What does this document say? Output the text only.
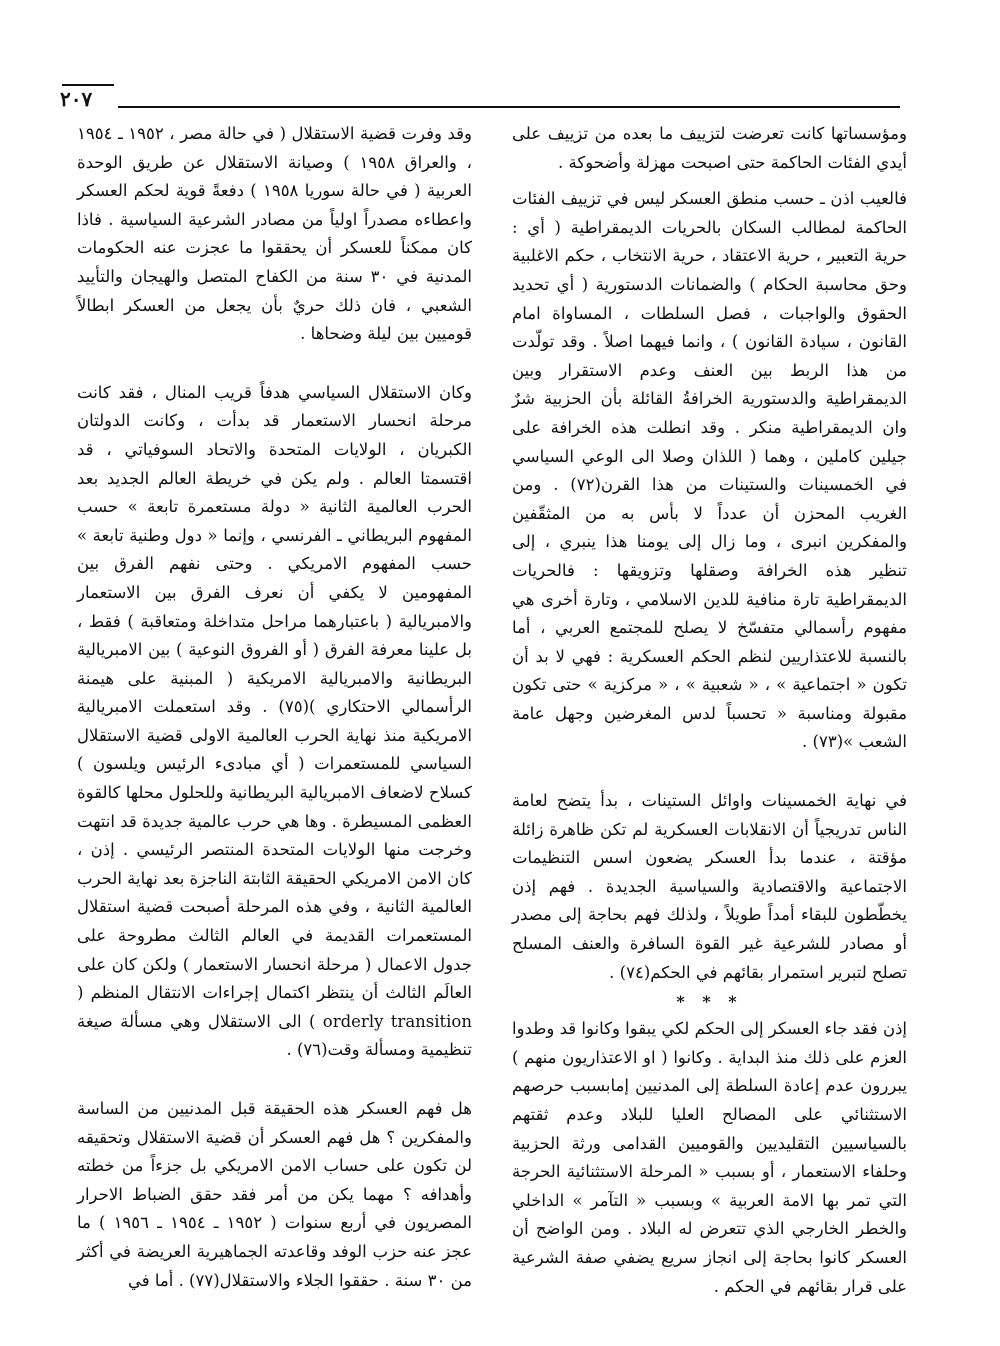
٢٠٧

ومؤسساتها كانت تعرضت لتزييف ما بعده من تزييف على أيدي الفئات الحاكمة حتى اصبحت مهزلة وأضحوكة .

فالعيب اذن ـ حسب منطق العسكر ليس في تزييف الفئات الحاكمة لمطالب السكان بالحريات الديمقراطية ( أي : حرية التعبير ، حرية الاعتقاد ، حرية الانتخاب ، حكم الاغلبية وحق محاسبة الحكام ) والضمانات الدستورية ( أي تحديد الحقوق والواجبات ، فصل السلطات ، المساواة امام القانون ، سيادة القانون ) ، وانما فيهما اصلاً . وقد تولّدت من هذا الربط بين العنف وعدم الاستقرار وبين الديمقراطية والدستورية الخرافةُ القائلة بأن الحزبية شرٌ وان الديمقراطية منكر . وقد انطلت هذه الخرافة على جيلين كاملين ، وهما ( اللذان وصلا الى الوعي السياسي في الخمسينات والستينات من هذا القرن(٧٢) . ومن الغريب المحزن أن عدداً لا بأس به من المثقّفين والمفكرين انبرى ، وما زال إلى يومنا هذا ينبري ، إلى تنظير هذه الخرافة وصقلها وتزويقها : فالحريات الديمقراطية تارة منافية للدين الاسلامي ، وتارة أخرى هي مفهوم رأسمالي متفسّخ لا يصلح للمجتمع العربي ، أما بالنسبة للاعتذاريين لنظم الحكم العسكرية : فهي لا بد أن تكون « اجتماعية » ، « شعبية » ، « مركزية » حتى تكون مقبولة ومناسبة « تحسباً لدس المغرضين وجهل عامة الشعب »(٧٣) .

في نهاية الخمسينات واوائل الستينات ، بدأ يتضح لعامة الناس تدريجياً أن الانقلابات العسكرية لم تكن ظاهرة زائلة مؤقتة ، عندما بدأ العسكر يضعون اسس التنظيمات الاجتماعية والاقتصادية والسياسية الجديدة . فهم إذن يخطّطون للبقاء أمداً طويلاً ، ولذلك فهم بحاجة إلى مصدر أو مصادر للشرعية غير القوة السافرة والعنف المسلح تصلح لتبرير استمرار بقائهم في الحكم(٧٤) .

* * *

إذن فقد جاء العسكر إلى الحكم لكي يبقوا وكانوا قد وطدوا العزم على ذلك منذ البداية . وكانوا ( او الاعتذاريون منهم ) يبررون عدم إعادة السلطة إلى المدنيين إمابسبب حرصهم الاستثنائي على المصالح العليا للبلاد وعدم ثقتهم بالسياسيين التقليديين والقوميين القدامى ورثة الحزبية وحلفاء الاستعمار ، أو بسبب « المرحلة الاستثنائية الحرجة التي تمر بها الامة العربية » وبسبب « التآمر » الداخلي والخطر الخارجي الذي تتعرض له البلاد . ومن الواضح أن العسكر كانوا بحاجة إلى انجاز سريع يضفي صفة الشرعية على قرار بقائهم في الحكم .

وقد وفرت قضية الاستقلال ( في حالة مصر ، ١٩٥٢ ـ ١٩٥٤ ، والعراق ١٩٥٨ ) وصيانة الاستقلال عن طريق الوحدة العربية ( في حالة سوريا ١٩٥٨ ) دفعةً قوية لحكم العسكر واعطاءه مصدراً اولياً من مصادر الشرعية السياسية . فاذا كان ممكناً للعسكر أن يحققوا ما عجزت عنه الحكومات المدنية في ٣٠ سنة من الكفاح المتصل والهيجان والتأييد الشعبي ، فان ذلك حريٌ بأن يجعل من العسكر ابطالاً قوميين بين ليلة وضحاها .

وكان الاستقلال السياسي هدفاً قريب المنال ، فقد كانت مرحلة انحسار الاستعمار قد بدأت ، وكانت الدولتان الكبريان ، الولايات المتحدة والاتحاد السوفياتي ، قد اقتسمتا العالم . ولم يكن في خريطة العالم الجديد بعد الحرب العالمية الثانية « دولة مستعمرة تابعة » حسب المفهوم البريطاني ـ الفرنسي ، وإنما « دول وطنية تابعة » حسب المفهوم الامريكي . وحتى نفهم الفرق بين المفهومين لا يكفي أن نعرف الفرق بين الاستعمار والامبريالية ( باعتبارهما مراحل متداخلة ومتعاقبة ) فقط ، بل علينا معرفة الفرق ( أو الفروق النوعية ) بين الامبريالية البريطانية والامبريالية الامريكية ( المبنية على هيمنة الرأسمالي الاحتكاري )(٧٥) . وقد استعملت الامبريالية الامريكية منذ نهاية الحرب العالمية الاولى قضية الاستقلال السياسي للمستعمرات ( أي مبادىء الرئيس ويلسون ) كسلاح لاضعاف الامبريالية البريطانية وللحلول محلها كالقوة العظمى المسيطرة . وها هي حرب عالمية جديدة قد انتهت وخرجت منها الولايات المتحدة المنتصر الرئيسي . إذن ، كان الامن الامريكي الحقيقة الثابتة الناجزة بعد نهاية الحرب العالمية الثانية ، وفي هذه المرحلة أصبحت قضية استقلال المستعمرات القديمة في العالم الثالث مطروحة على جدول الاعمال ( مرحلة انحسار الاستعمار ) ولكن كان على العالَم الثالث أن ينتظر اكتمال إجراءات الانتقال المنظم ( orderly transition ) الى الاستقلال وهي مسألة صيغة تنظيمية ومسألة وقت(٧٦) .

هل فهم العسكر هذه الحقيقة قبل المدنيين من الساسة والمفكرين ؟ هل فهم العسكر أن قضية الاستقلال وتحقيقه لن تكون على حساب الامن الامريكي بل جزءاً من خطته وأهدافه ؟ مهما يكن من أمر فقد حقق الضباط الاحرار المصريون في أربع سنوات ( ١٩٥٢ ـ ١٩٥٤ ـ ١٩٥٦ ) ما عجز عنه حزب الوفد وقاعدته الجماهيرية العريضة في أكثر من ٣٠ سنة . حققوا الجلاء والاستقلال(٧٧) . أما في
